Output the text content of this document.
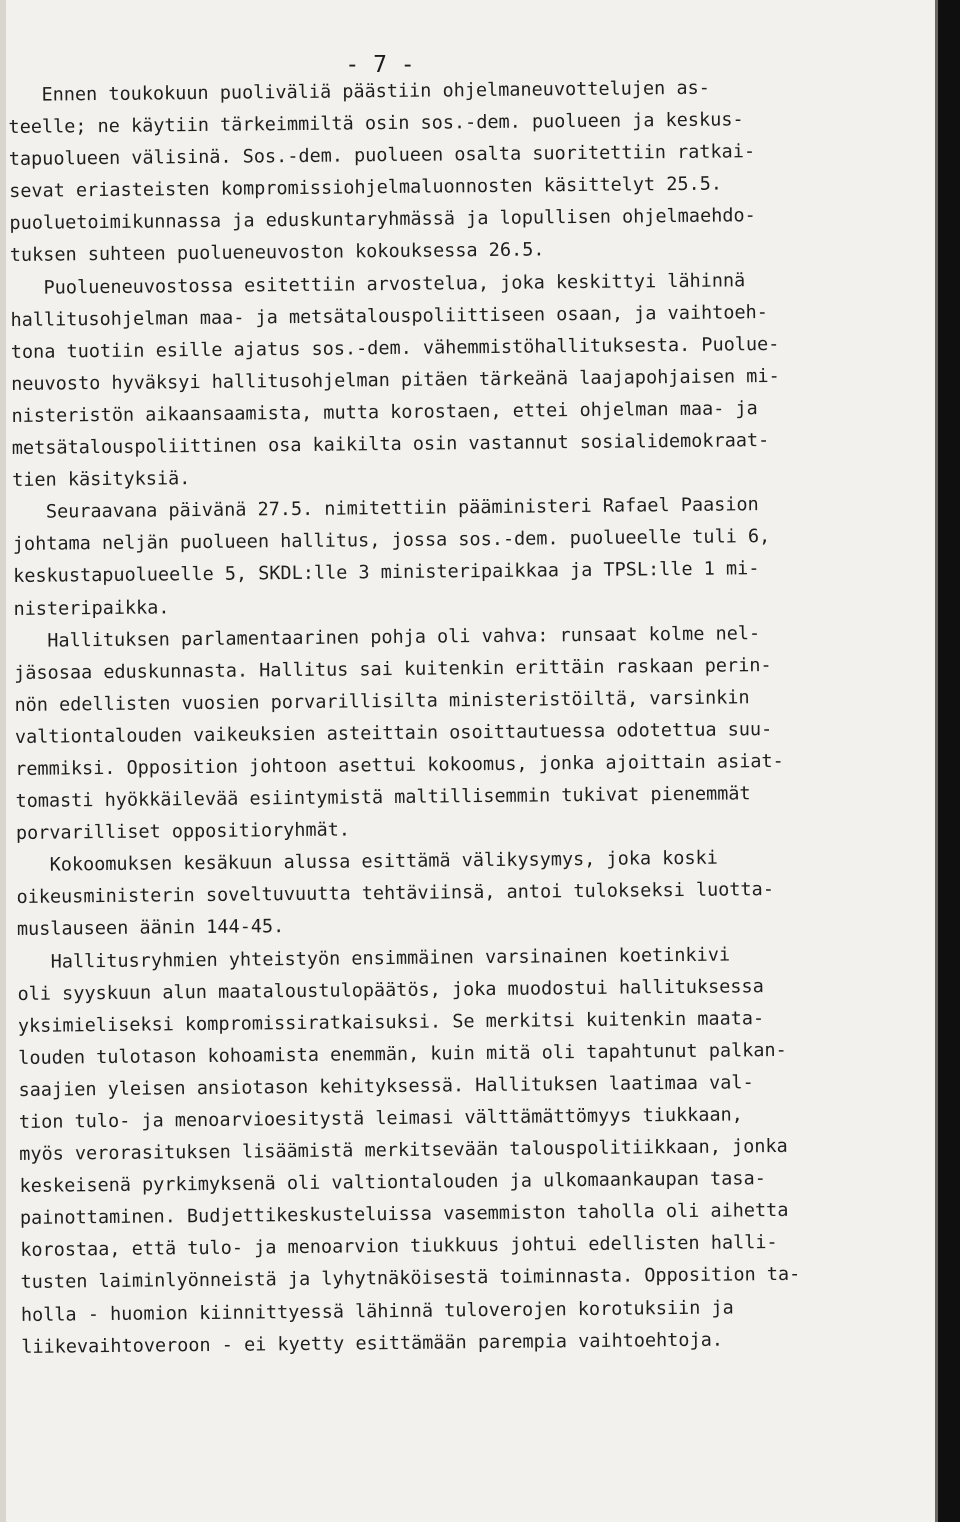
- 7 -
Ennen toukokuun puoliväliä päästiin ohjelmaneuvottelujen as-
teelle; ne käytiin tärkeimmiltä osin sos.-dem. puolueen ja keskus-
tapuolueen välisinä. Sos.-dem. puolueen osalta suoritettiin ratkai-
sevat eriasteisten kompromissiohjelmaluonnosten käsittelyt 25.5.
puoluetoimikunnassa ja eduskuntaryhmässä ja lopullisen ohjelmaehdo-
tuksen suhteen puolueneuvoston kokouksessa 26.5.
Puolueneuvostossa esitettiin arvostelua, joka keskittyi lähinnä
hallitusohjelman maa- ja metsätalouspoliittiseen osaan, ja vaihtoeh-
tona tuotiin esille ajatus sos.-dem. vähemmistöhallituksesta. Puolue-
neuvosto hyväksyi hallitusohjelman pitäen tärkeänä laajapohjaisen mi-
nisteristön aikaansaamista, mutta korostaen, ettei ohjelman maa- ja
metsätalouspoliittinen osa kaikilta osin vastannut sosialidemokraat-
tien käsityksiä.
Seuraavana päivänä 27.5. nimitettiin pääministeri Rafael Paasion
johtama neljän puolueen hallitus, jossa sos.-dem. puolueelle tuli 6,
keskustapuolueelle 5, SKDL:lle 3 ministeripaikkaa ja TPSL:lle 1 mi-
nisteripaikka.
Hallituksen parlamentaarinen pohja oli vahva: runsaat kolme nel-
jäsosaa eduskunnasta. Hallitus sai kuitenkin erittäin raskaan perin-
nön edellisten vuosien porvarillisilta ministeristöiltä, varsinkin
valtiontalouden vaikeuksien asteittain osoittautuessa odotettua suu-
remmiksi. Opposition johtoon asettui kokoomus, jonka ajoittain asiat-
tomasti hyökkäilevää esiintymistä maltillisemmin tukivat pienemmät
porvarilliset oppositioryhmät.
Kokoomuksen kesäkuun alussa esittämä välikysymys, joka koski
oikeusministerin soveltuvuutta tehtäviinsä, antoi tulokseksi luotta-
muslauseen äänin 144-45.
Hallitusryhmien yhteistyön ensimmäinen varsinainen koetinkivi
oli syyskuun alun maataloustulopäätös, joka muodostui hallituksessa
yksimieliseksi kompromissiratkaisuksi. Se merkitsi kuitenkin maata-
louden tulotason kohoamista enemmän, kuin mitä oli tapahtunut palkan-
saajien yleisen ansiotason kehityksessä. Hallituksen laatimaa val-
tion tulo- ja menoarvioesitystä leimasi välttämättömyys tiukkaan,
myös verorasituksen lisäämistä merkitsevään talouspolitiikkaan, jonka
keskeisenä pyrkimyksenä oli valtiontalouden ja ulkomaankaupan tasa-
painottaminen. Budjettikeskusteluissa vasemmiston taholla oli aihetta
korostaa, että tulo- ja menoarvion tiukkuus johtui edellisten halli-
tusten laiminlyönneistä ja lyhytnäköisestä toiminnasta. Opposition ta-
holla - huomion kiinnittyessä lähinnä tuloverojen korotuksiin ja
liikevaihtoveroon - ei kyetty esittämään parempia vaihtoehtoja.
